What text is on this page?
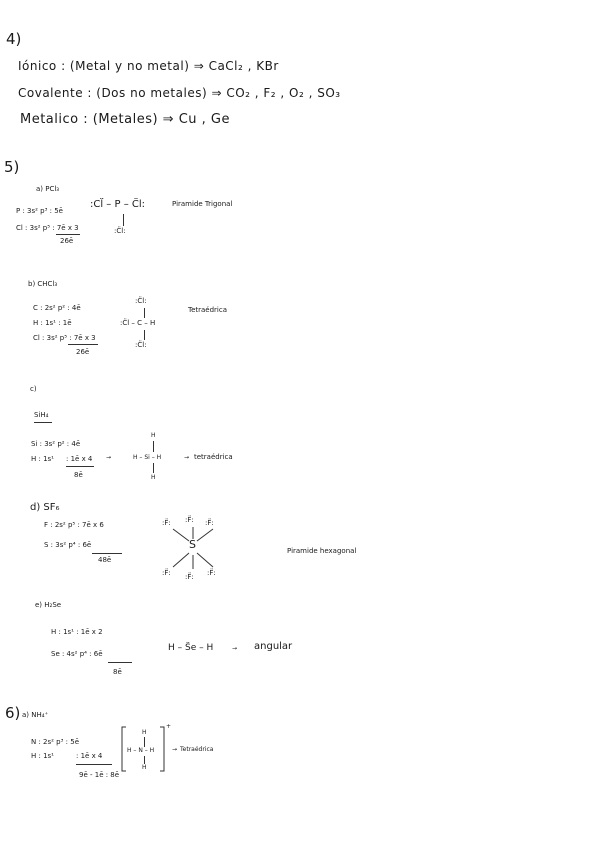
4)
Iónico : (Metal y no metal) ⇒ CaCl₂ , KBr
Covalente : (Dos no metales) ⇒ CO₂ , F₂ , O₂ , SO₃
Metalico : (Metales) ⇒ Cu , Ge
5)
a) PCl₃
P : 3s² p³ : 5ē
Cl : 3s² p⁵ : 7ē x 3
26ē
:Cl̈ – P – C̈l:
:C̈l:
Piramide Trigonal
b) CHCl₃
C : 2s² p² : 4ē
H : 1s¹ : 1ē
Cl : 3s² p⁵ : 7ē x 3
26ē
:C̈l:
:C̈l – C – H
:C̈l:
Tetraédrica
c)
SiH₄
Si : 3s² p² : 4ē
H : 1s¹ : 1ē x 4
8ē
→
H
H – Si – H
H
→ tetraédrica
d) SF₆
F : 2s² p⁵ : 7ē x 6
S : 3s² p⁴ : 6ē
48ē
S
:F̈: :F̈: :F̈:
:F̈: :F̈: :F̈:
Piramide hexagonal
e) H₂Se
H : 1s¹ : 1ē x 2
Se : 4s² p⁴ : 6ē
8ē
H – S̈e – H	→ angular
6) a) NH₄⁺
N : 2s² p³ : 5ē
H : 1s¹	: 1ē x 4
9ē - 1ē : 8ē
+
H
H – N – H
H
→ Tetraédrica
